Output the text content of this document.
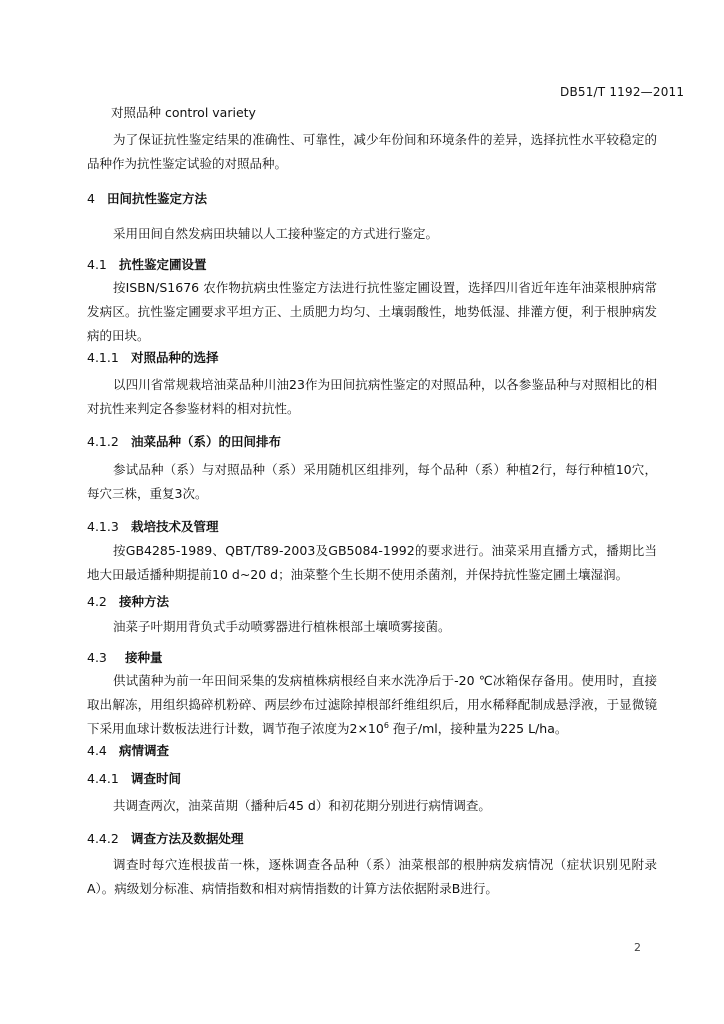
DB51/T 1192—2011
对照品种 control variety
为了保证抗性鉴定结果的准确性、可靠性，减少年份间和环境条件的差异，选择抗性水平较稳定的品种作为抗性鉴定试验的对照品种。
4 田间抗性鉴定方法
采用田间自然发病田块辅以人工接种鉴定的方式进行鉴定。
4.1 抗性鉴定圃设置
按ISBN/S1676 农作物抗病虫性鉴定方法进行抗性鉴定圃设置，选择四川省近年连年油菜根肿病常发病区。抗性鉴定圃要求平坦方正、土质肥力均匀、土壤弱酸性，地势低湿、排灌方便，利于根肿病发病的田块。
4.1.1 对照品种的选择
以四川省常规栽培油菜品种川油23作为田间抗病性鉴定的对照品种，以各参鉴品种与对照相比的相对抗性来判定各参鉴材料的相对抗性。
4.1.2 油菜品种（系）的田间排布
参试品种（系）与对照品种（系）采用随机区组排列，每个品种（系）种植2行，每行种植10穴，每穴三株，重复3次。
4.1.3 栽培技术及管理
按GB4285-1989、QBT/T89-2003及GB5084-1992的要求进行。油菜采用直播方式，播期比当地大田最适播种期提前10 d~20 d；油菜整个生长期不使用杀菌剂，并保持抗性鉴定圃土壤湿润。
4.2 接种方法
油菜子叶期用背负式手动喷雾器进行植株根部土壤喷雾接菌。
4.3 接种量
供试菌种为前一年田间采集的发病植株病根经自来水洗净后于-20 ℃冰箱保存备用。使用时，直接取出解冻，用组织捣碎机粉碎、两层纱布过滤除掉根部纤维组织后，用水稀释配制成悬浮液，于显微镜下采用血球计数板法进行计数，调节孢子浓度为$2\times 10^6$ 孢子/ml，接种量为225 L/ha。
4.4 病情调查
4.4.1 调查时间
共调查两次，油菜苗期（播种后45 d）和初花期分别进行病情调查。
4.4.2 调查方法及数据处理
调查时每穴连根拔苗一株，逐株调查各品种（系）油菜根部的根肿病发病情况（症状识别见附录A）。病级划分标准、病情指数和相对病情指数的计算方法依据附录B进行。
2
